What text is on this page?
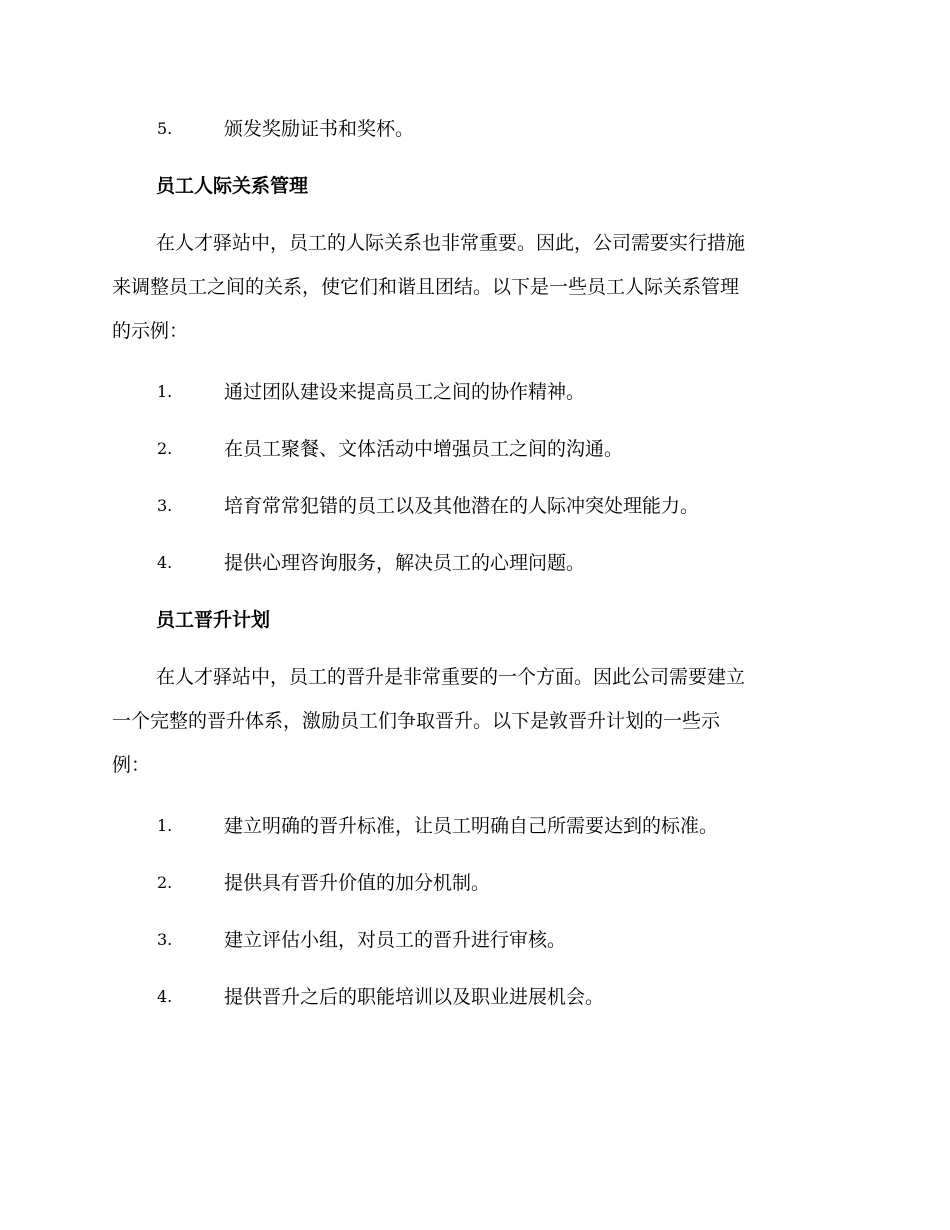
5.	颁发奖励证书和奖杯。
员工人际关系管理
在人才驿站中，员工的人际关系也非常重要。因此，公司需要实行措施
来调整员工之间的关系，使它们和谐且团结。以下是一些员工人际关系管理
的示例：
1.	通过团队建设来提高员工之间的协作精神。
2.	在员工聚餐、文体活动中增强员工之间的沟通。
3.	培育常常犯错的员工以及其他潜在的人际冲突处理能力。
4.	提供心理咨询服务，解决员工的心理问题。
员工晋升计划
在人才驿站中，员工的晋升是非常重要的一个方面。因此公司需要建立
一个完整的晋升体系，激励员工们争取晋升。以下是敦晋升计划的一些示
例：
1.	建立明确的晋升标准，让员工明确自己所需要达到的标准。
2.	提供具有晋升价值的加分机制。
3.	建立评估小组，对员工的晋升进行审核。
4.	提供晋升之后的职能培训以及职业进展机会。
